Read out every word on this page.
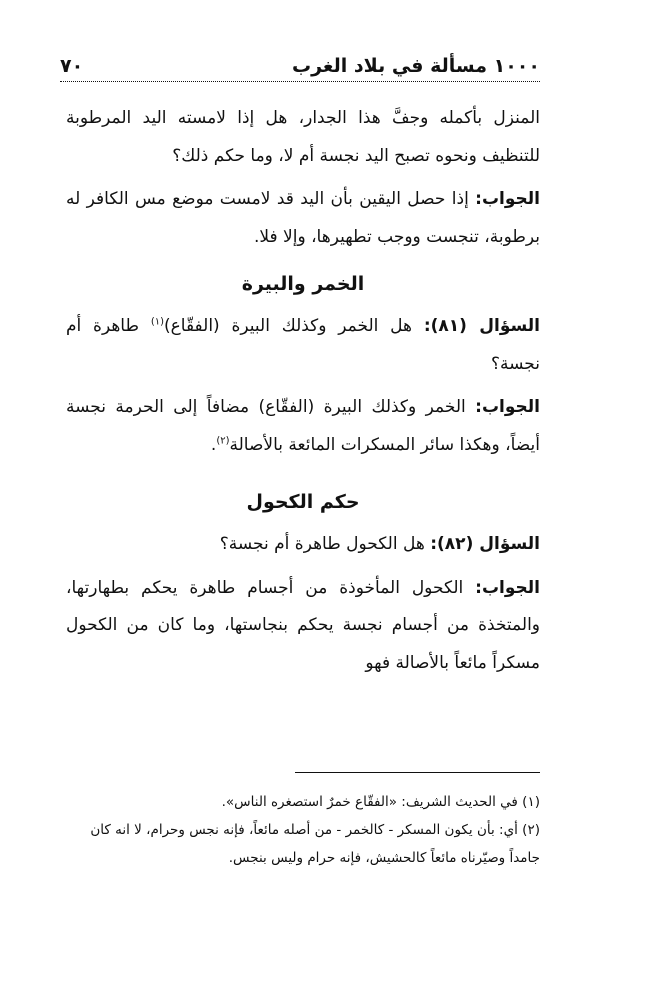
١٠٠٠ مسألة في بلاد الغرب
٧٠

المنزل بأكمله وجفَّ هذا الجدار، هل إذا لامسته اليد المرطوبة للتنظيف ونحوه تصبح اليد نجسة أم لا، وما حكم ذلك؟

الجواب: إذا حصل اليقين بأن اليد قد لامست موضع مس الكافر له برطوبة، تنجست ووجب تطهيرها، وإلا فلا.

الخمر والبيرة

السؤال (٨١): هل الخمر وكذلك البيرة (الفقّاع)$^{(١)}$ طاهرة أم نجسة؟

الجواب: الخمر وكذلك البيرة (الفقّاع) مضافاً إلى الحرمة نجسة أيضاً، وهكذا سائر المسكرات المائعة بالأصالة$^{(٢)}$.

حكم الكحول

السؤال (٨٢): هل الكحول طاهرة أم نجسة؟

الجواب: الكحول المأخوذة من أجسام طاهرة يحكم بطهارتها، والمتخذة من أجسام نجسة يحكم بنجاستها، وما كان من الكحول مسكراً مائعاً بالأصالة فهو

(١) في الحديث الشريف: «الفقّاع خمرٌ استصغره الناس».

(٢) أي: بأن يكون المسكر - كالخمر - من أصله مائعاً، فإنه نجس وحرام، لا انه كان جامداً وصيّرناه مائعاً كالحشيش، فإنه حرام وليس بنجس.
